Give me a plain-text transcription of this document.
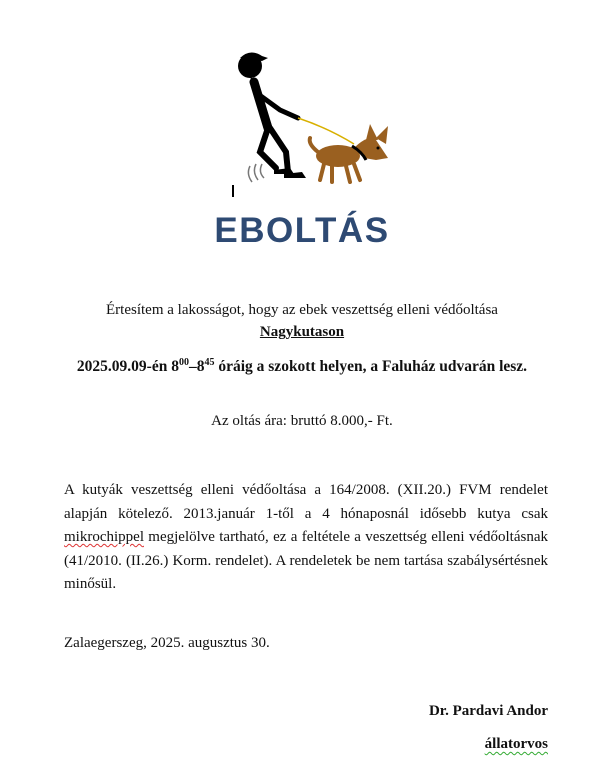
EBOLTÁS
Értesítem a lakosságot, hogy az ebek veszettség elleni védőoltása
Nagykutason
2025.09.09-én $8^{00}-8^{45}$ óráig a szokott helyen, a Faluház udvarán lesz.
Az oltás ára: bruttó 8.000,- Ft.
A kutyák veszettség elleni védőoltása a 164/2008. (XII.20.) FVM rendelet alapján kötelező. 2013.január 1-től a 4 hónaposnál idősebb kutya csak mikrochippel megjelölve tartható, ez a feltétele a veszettség elleni védőoltásnak (41/2010. (II.26.) Korm. rendelet). A rendeletek be nem tartása szabálysértésnek minősül.
Zalaegerszeg, 2025. augusztus 30.
Dr. Pardavi Andor
állatorvos
